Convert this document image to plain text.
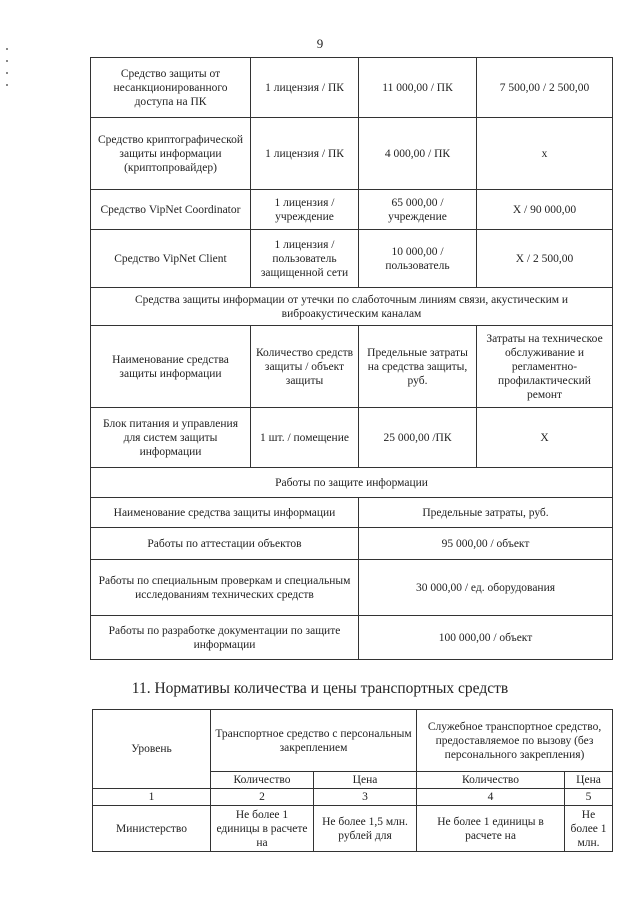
9
Средство защиты от несанкционированного доступа на ПК	1 лицензия / ПК	11 000,00 / ПК	7 500,00 / 2 500,00
Средство криптографической защиты информации (криптопровайдер)	1 лицензия / ПК	4 000,00 / ПК	х
Средство VipNet Coordinator	1 лицензия / учреждение	65 000,00 / учреждение	Х / 90 000,00
Средство VipNet Client	1 лицензия / пользователь защищенной сети	10 000,00 / пользователь	Х / 2 500,00
Средства защиты информации от утечки по слаботочным линиям связи, акустическим и виброакустическим каналам			
Наименование средства защиты информации	Количество средств защиты / объект защиты	Предельные затраты на средства защиты, руб.	Затраты на техническое обслуживание и регламентно-профилактический ремонт
Блок питания и управления для систем защиты информации	1 шт. / помещение	25 000,00 /ПК	Х
Работы по защите информации			
Наименование средства защиты информации		Предельные затраты, руб.	
Работы по аттестации объектов		95 000,00 / объект	
Работы по специальным проверкам и специальным исследованиям технических средств		30 000,00 / ед. оборудования	
Работы по разработке документации по защите информации		100 000,00 / объект	
11. Нормативы количества и цены транспортных средств
Уровень	Транспортное средство с персональным закреплением		Служебное транспортное средство, предоставляемое по вызову (без персонального закрепления)	
	Количество	Цена	Количество	Цена
1	2	3	4	5
Министерство	Не более 1 единицы в расчете на	Не более 1,5 млн. рублей для	Не более 1 единицы в расчете на	Не более 1 млн.
